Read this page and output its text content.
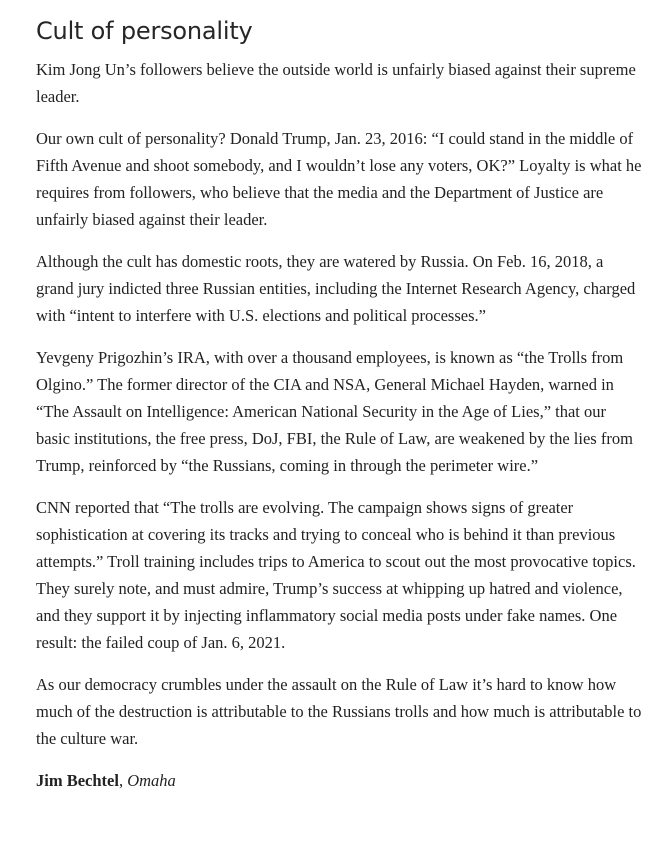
Cult of personality

Kim Jong Un’s followers believe the outside world is unfairly biased against their supreme leader.

Our own cult of personality? Donald Trump, Jan. 23, 2016: “I could stand in the middle of Fifth Avenue and shoot somebody, and I wouldn’t lose any voters, OK?” Loyalty is what he requires from followers, who believe that the media and the Department of Justice are unfairly biased against their leader.

Although the cult has domestic roots, they are watered by Russia. On Feb. 16, 2018, a grand jury indicted three Russian entities, including the Internet Research Agency, charged with “intent to interfere with U.S. elections and political processes.”

Yevgeny Prigozhin’s IRA, with over a thousand employees, is known as “the Trolls from Olgino.” The former director of the CIA and NSA, General Michael Hayden, warned in “The Assault on Intelligence: American National Security in the Age of Lies,” that our basic institutions, the free press, DoJ, FBI, the Rule of Law, are weakened by the lies from Trump, reinforced by “the Russians, coming in through the perimeter wire.”

CNN reported that “The trolls are evolving. The campaign shows signs of greater sophistication at covering its tracks and trying to conceal who is behind it than previous attempts.” Troll training includes trips to America to scout out the most provocative topics. They surely note, and must admire, Trump’s success at whipping up hatred and violence, and they support it by injecting inflammatory social media posts under fake names. One result: the failed coup of Jan. 6, 2021.

As our democracy crumbles under the assault on the Rule of Law it’s hard to know how much of the destruction is attributable to the Russians trolls and how much is attributable to the culture war.

Jim Bechtel, Omaha
